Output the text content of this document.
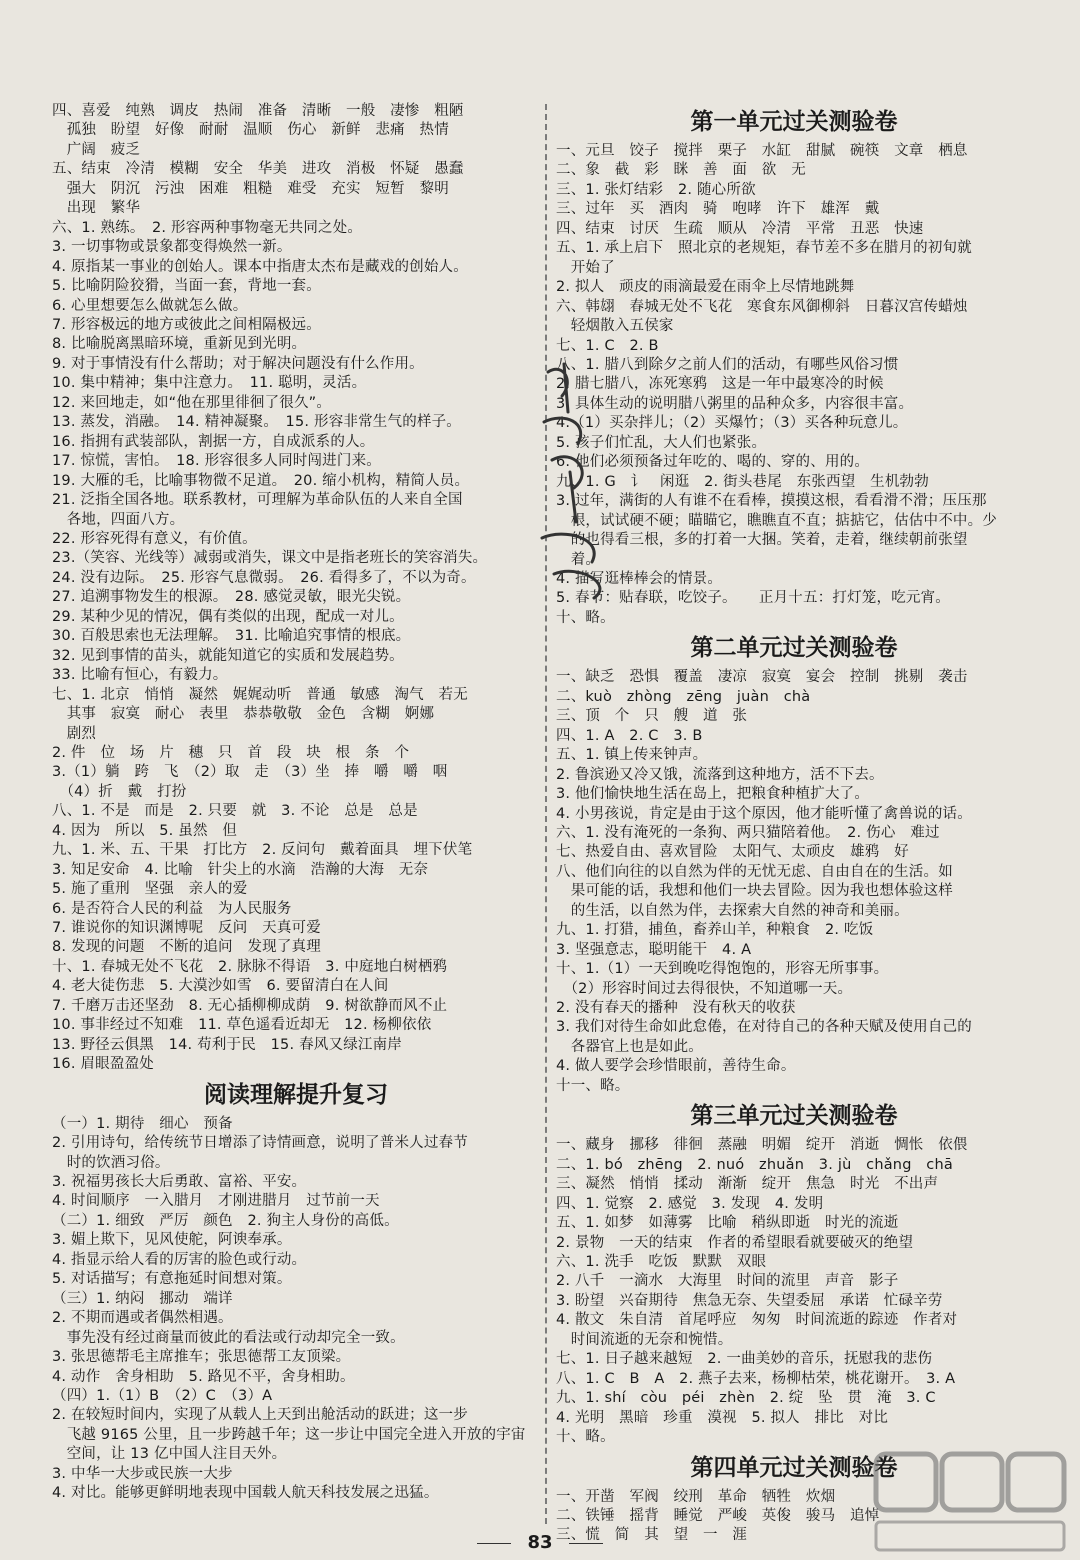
四、喜爱　纯熟　调皮　热闹　准备　清晰　一般　凄惨　粗陋
　孤独　盼望　好像　耐耐　温顺　伤心　新鲜　悲痛　热情
　广阔　疲乏
五、结束　冷清　模糊　安全　华美　进攻　消极　怀疑　愚蠢
　强大　阴沉　污浊　困难　粗糙　难受　充实　短暂　黎明
　出现　繁华
六、1. 熟练。　2. 形容两种事物毫无共同之处。
3. 一切事物或景象都变得焕然一新。
4. 原指某一事业的创始人。课本中指唐太杰布是藏戏的创始人。
5. 比喻阴险狡猾，当面一套，背地一套。
6. 心里想要怎么做就怎么做。
7. 形容极远的地方或彼此之间相隔极远。
8. 比喻脱离黑暗环境，重新见到光明。
9. 对于事情没有什么帮助；对于解决问题没有什么作用。
10. 集中精神；集中注意力。　11. 聪明，灵活。
12. 来回地走，如“他在那里徘徊了很久”。
13. 蒸发，消融。　14. 精神凝聚。　15. 形容非常生气的样子。
16. 指拥有武装部队，割据一方，自成派系的人。
17. 惊慌，害怕。　18. 形容很多人同时闯进门来。
19. 大雁的毛，比喻事物微不足道。　20. 缩小机构，精简人员。
21. 泛指全国各地。联系教材，可理解为革命队伍的人来自全国
　各地，四面八方。
22. 形容死得有意义，有价值。
23.（笑容、光线等）减弱或消失，课文中是指老班长的笑容消失。
24. 没有边际。　25. 形容气息微弱。　26. 看得多了，不以为奇。
27. 追溯事物发生的根源。　28. 感觉灵敏，眼光尖锐。
29. 某种少见的情况，偶有类似的出现，配成一对儿。
30. 百般思索也无法理解。　31. 比喻追究事情的根底。
32. 见到事情的苗头，就能知道它的实质和发展趋势。
33. 比喻有恒心，有毅力。
七、1. 北京　悄悄　凝然　娓娓动听　普通　敏感　淘气　若无
　其事　寂寞　耐心　表里　恭恭敬敬　金色　含糊　婀娜
　剧烈
2. 件　位　场　片　穗　只　首　段　块　根　条　个
3.（1）躺　跨　飞　（2）取　走　（3）坐　捧　嚼　嚼　咽
　（4）折　戴　打扮
八、1. 不是　而是　2. 只要　就　3. 不论　总是　总是
4. 因为　所以　5. 虽然　但
九、1. 米、五、干果　打比方　2. 反问句　戴着面具　埋下伏笔
3. 知足安命　4. 比喻　针尖上的水滴　浩瀚的大海　无奈
5. 施了重刑　坚强　亲人的爱
6. 是否符合人民的利益　为人民服务
7. 谁说你的知识渊博呢　反问　天真可爱
8. 发现的问题　不断的追问　发现了真理
十、1. 春城无处不飞花　2. 脉脉不得语　3. 中庭地白树栖鸦
4. 老大徒伤悲　5. 大漠沙如雪　6. 要留清白在人间
7. 千磨万击还坚劲　8. 无心插柳柳成荫　9. 树欲静而风不止
10. 事非经过不知难　11. 草色遥看近却无　12. 杨柳依依
13. 野径云俱黑　14. 苟利于民　15. 春风又绿江南岸
16. 眉眼盈盈处
阅读理解提升复习
（一）1. 期待　细心　预备
2. 引用诗句，给传统节日增添了诗情画意，说明了普米人过春节
　时的饮酒习俗。
3. 祝福男孩长大后勇敢、富裕、平安。
4. 时间顺序　一入腊月　才刚进腊月　过节前一天
（二）1. 细致　严厉　颜色　2. 狗主人身份的高低。
3. 媚上欺下，见风使舵，阿谀奉承。
4. 指显示给人看的厉害的脸色或行动。
5. 对话描写；有意拖延时间想对策。
（三）1. 纳闷　挪动　端详
2. 不期而遇或者偶然相遇。
　事先没有经过商量而彼此的看法或行动却完全一致。
3. 张思德帮毛主席推车；张思德帮工友顶梁。
4. 动作　舍身相助　5. 路见不平，舍身相助。
（四）1.（1）B　（2）C　（3）A
2. 在较短时间内，实现了从载人上天到出舱活动的跃进；这一步
　飞越 9165 公里，且一步跨越千年；这一步让中国完全进入开放的宇宙
　空间，让 13 亿中国人注目天外。
3. 中华一大步或民族一大步
4. 对比。能够更鲜明地表现中国载人航天科技发展之迅猛。
第一单元过关测验卷
一、元旦　饺子　搅拌　栗子　水缸　甜腻　碗筷　文章　栖息
二、象　截　彩　眯　善　面　欲　无
三、1. 张灯结彩　2. 随心所欲
三、过年　买　酒肉　骑　咆哮　许下　雄浑　戴
四、结束　讨厌　生疏　顺从　冷清　平常　丑恶　快速
五、1. 承上启下　照北京的老规矩，春节差不多在腊月的初旬就
　开始了
2. 拟人　顽皮的雨滴最爱在雨伞上尽情地跳舞
六、韩翃　春城无处不飞花　寒食东风御柳斜　日暮汉宫传蜡烛
　轻烟散入五侯家
七、1. C　2. B
八、1. 腊八到除夕之前人们的活动，有哪些风俗习惯
2. 腊七腊八，冻死寒鸦　这是一年中最寒冷的时候
3. 具体生动的说明腊八粥里的品种众多，内容很丰富。
4.（1）买杂拌儿；（2）买爆竹；（3）买各种玩意儿。
5. 孩子们忙乱，大人们也紧张。
6. 他们必须预备过年吃的、喝的、穿的、用的。
九、1. G　讠　闲逛　2. 街头巷尾　东张西望　生机勃勃
3. 过年，满街的人有谁不在看棒，摸摸这根，看看滑不滑；压压那
　根，试试硬不硬；瞄瞄它，瞧瞧直不直；掂掂它，估估中不中。少
　的也得看三根，多的打着一大捆。笑着，走着，继续朝前张望
　着。
4. 描写逛棒棒会的情景。
5. 春节：贴春联，吃饺子。　　正月十五：打灯笼，吃元宵。
十、略。
第二单元过关测验卷
一、缺乏　恐惧　覆盖　凄凉　寂寞　宴会　控制　挑剔　袭击
二、kuò　zhòng　zēng　juàn　chà
三、顶　个　只　艘　道　张
四、1. A　2. C　3. B
五、1. 镇上传来钟声。
2. 鲁滨逊又冷又饿，流落到这种地方，活不下去。
3. 他们愉快地生活在岛上，把粮食种植扩大了。
4. 小男孩说，肯定是由于这个原因，他才能听懂了禽兽说的话。
六、1. 没有淹死的一条狗、两只猫陪着他。　2. 伤心　难过
七、热爱自由、喜欢冒险　太阳气、太顽皮　雄鸦　好
八、他们向往的以自然为伴的无忧无虑、自由自在的生活。如
　果可能的话，我想和他们一块去冒险。因为我也想体验这样
　的生活，以自然为伴，去探索大自然的神奇和美丽。
九、1. 打猎，捕鱼，畜养山羊，种粮食　2. 吃饭
3. 坚强意志，聪明能干　4. A
十、1.（1）一天到晚吃得饱饱的，形容无所事事。
　（2）形容时间过去得很快，不知道哪一天。
2. 没有春天的播种　没有秋天的收获
3. 我们对待生命如此怠倦，在对待自己的各种天赋及使用自己的
　各器官上也是如此。
4. 做人要学会珍惜眼前，善待生命。
十一、略。
第三单元过关测验卷
一、藏身　挪移　徘徊　蒸融　明媚　绽开　消逝　惆怅　依偎
二、1. bó　zhēng　2. nuó　zhuǎn　3. jù　chǎng　chā
三、凝然　悄悄　揉动　渐渐　绽开　焦急　时光　不出声
四、1. 觉察　2. 感觉　3. 发现　4. 发明
五、1. 如梦　如薄雾　比喻　稍纵即逝　时光的流逝
2. 景物　一天的结束　作者的希望眼看就要破灭的绝望
六、1. 洗手　吃饭　默默　双眼
2. 八千　一滴水　大海里　时间的流里　声音　影子
3. 盼望　兴奋期待　焦急无奈、失望委屈　承诺　忙碌辛劳
4. 散文　朱自清　首尾呼应　匆匆　时间流逝的踪迹　作者对
　时间流逝的无奈和惋惜。
七、1. 日子越来越短　2. 一曲美妙的音乐，抚慰我的悲伤
八、1. C　B　A　2. 燕子去来，杨柳枯荣，桃花谢开。　3. A
九、1. shí　còu　péi　zhèn　2. 绽　坠　贯　淹　3. C
4. 光明　黑暗　珍重　漠视　5. 拟人　排比　对比
十、略。
第四单元过关测验卷
一、开凿　军阀　绞刑　革命　牺牲　炊烟
二、铁锤　摇背　睡觉　严峻　英俊　骏马　追悼　
三、慌　简　其　望　一　涯
83
